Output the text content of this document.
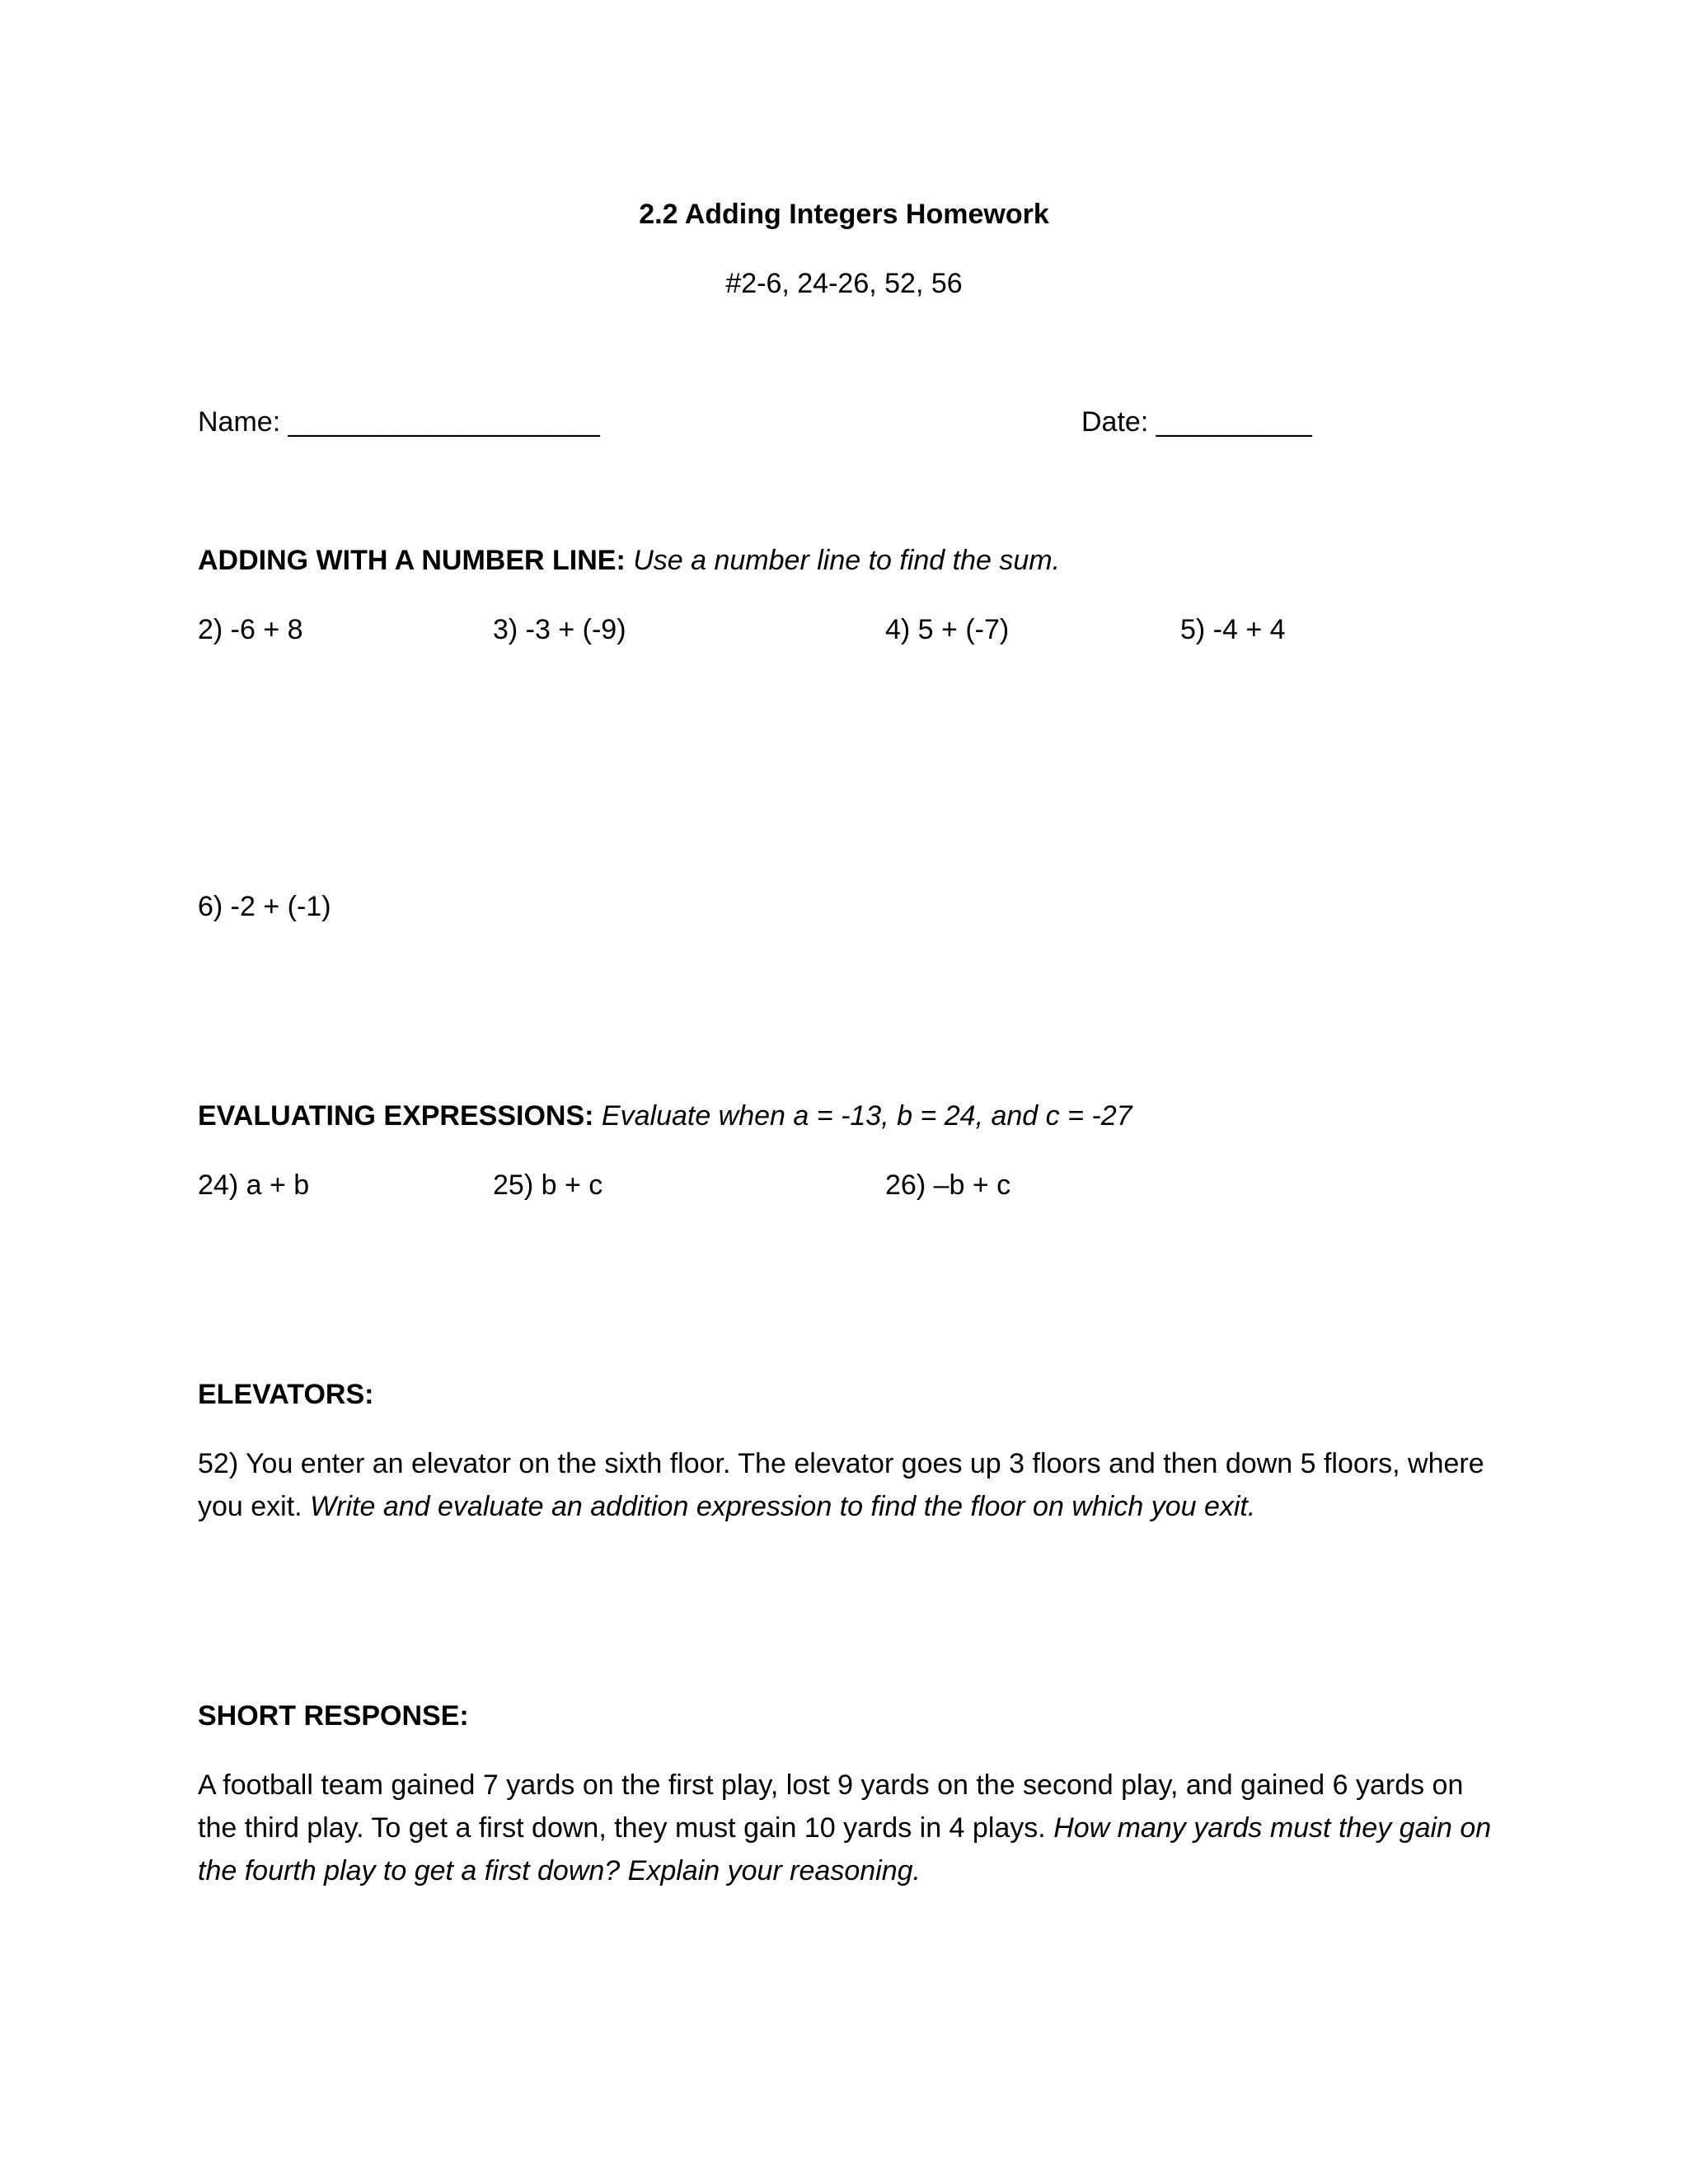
2.2 Adding Integers Homework
#2-6, 24-26, 52, 56
Name: ____________________	Date: __________
ADDING WITH A NUMBER LINE: Use a number line to find the sum.
2) -6 + 8	3) -3 + (-9)	4) 5 + (-7)	5) -4 + 4
6) -2 + (-1)
EVALUATING EXPRESSIONS: Evaluate when a = -13, b = 24, and c = -27
24) a + b	25) b + c	26) –b + c
ELEVATORS:
52) You enter an elevator on the sixth floor. The elevator goes up 3 floors and then down 5 floors, where you exit. Write and evaluate an addition expression to find the floor on which you exit.
SHORT RESPONSE:
A football team gained 7 yards on the first play, lost 9 yards on the second play, and gained 6 yards on the third play. To get a first down, they must gain 10 yards in 4 plays. How many yards must they gain on the fourth play to get a first down? Explain your reasoning.
